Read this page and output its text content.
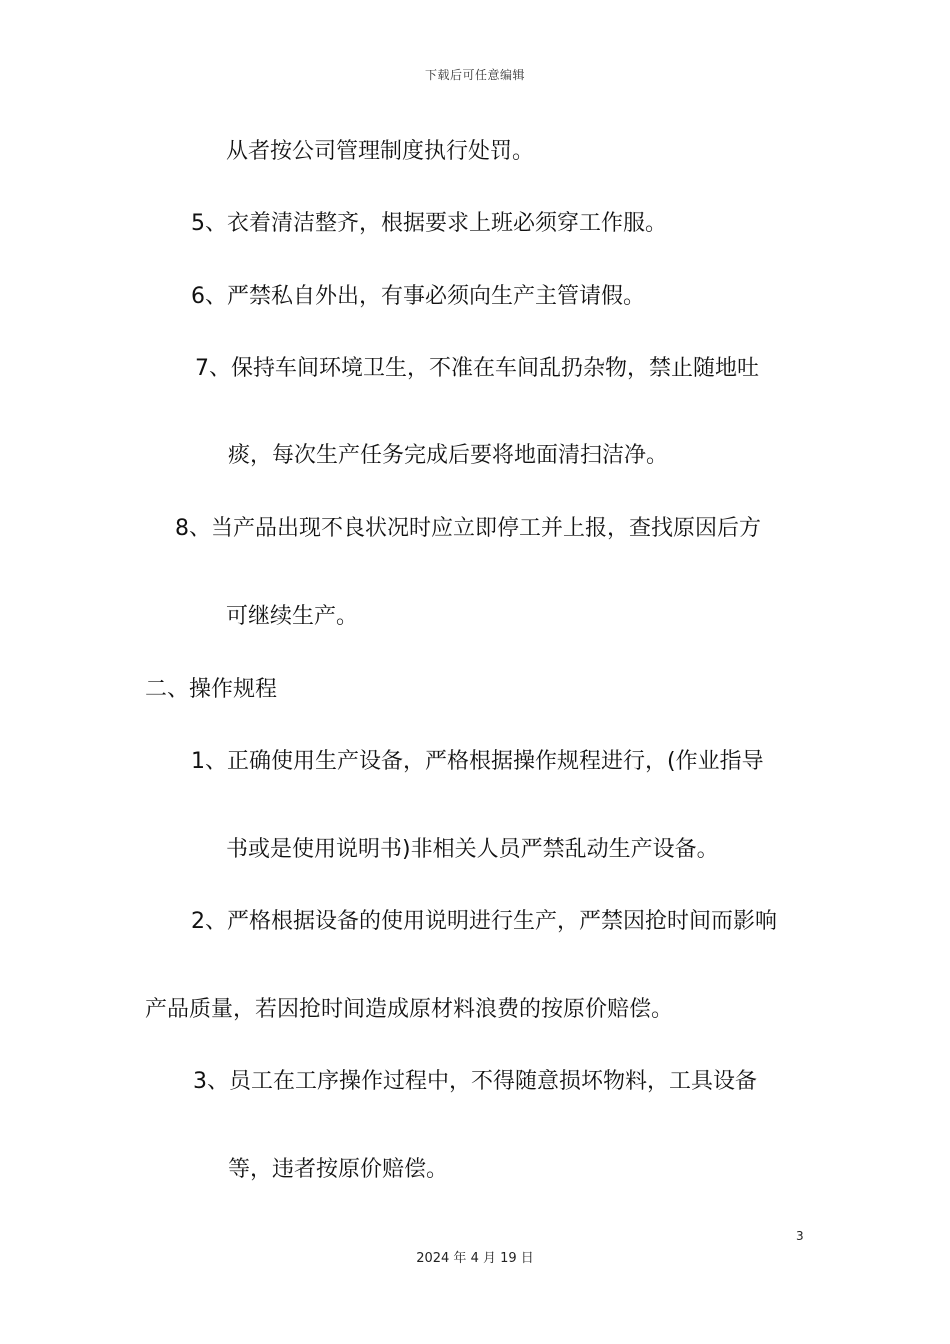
下载后可任意编辑
从者按公司管理制度执行处罚。
5、衣着清洁整齐，根据要求上班必须穿工作服。
6、严禁私自外出，有事必须向生产主管请假。
7、保持车间环境卫生，不准在车间乱扔杂物，禁止随地吐
痰，每次生产任务完成后要将地面清扫洁净。
8、当产品出现不良状况时应立即停工并上报，查找原因后方
可继续生产。
二、操作规程
1、正确使用生产设备，严格根据操作规程进行，(作业指导
书或是使用说明书)非相关人员严禁乱动生产设备。
2、严格根据设备的使用说明进行生产，严禁因抢时间而影响
产品质量，若因抢时间造成原材料浪费的按原价赔偿。
3、员工在工序操作过程中，不得随意损坏物料，工具设备
等，违者按原价赔偿。
3
2024 年 4 月 19 日
